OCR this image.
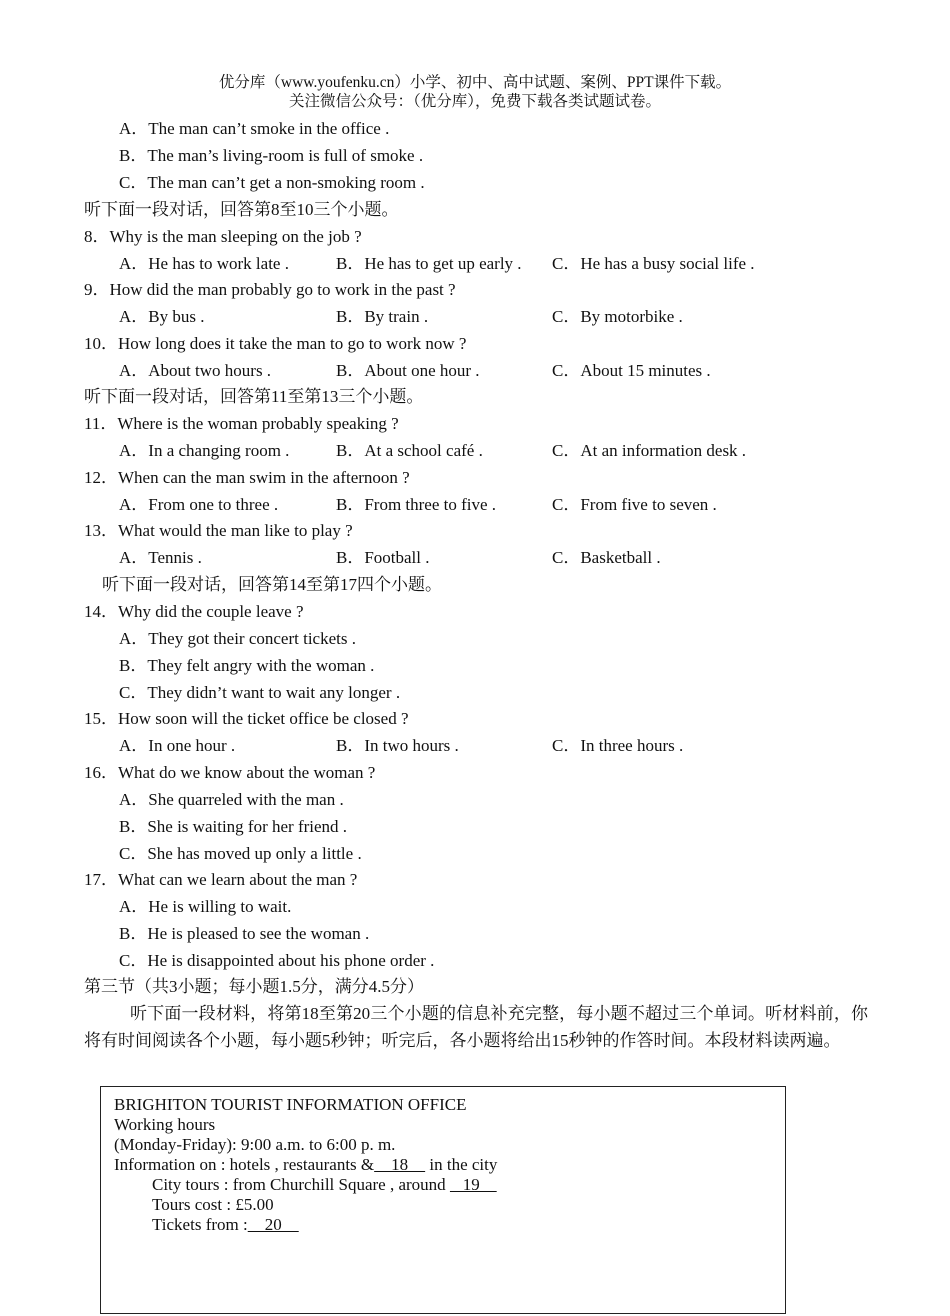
优分库（www.youfenku.cn）小学、初中、高中试题、案例、PPT课件下载。
关注微信公众号：（优分库），免费下载各类试题试卷。
A．The man can’t smoke in the office .
B．The man’s living-room is full of smoke .
C．The man can’t get a non-smoking room .
听下面一段对话，回答第8至10三个小题。
8．Why is the man sleeping on the job ?
A．He has to work late .	B．He has to get up early . C．He has a busy social life .
9．How did the man probably go to work in the past ?
A．By bus .	B．By train .	C．By motorbike .
10．How long does it take the man to go to work now ?
A．About two hours .	B．About one hour .	C．About 15 minutes .
听下面一段对话，回答第11至第13三个小题。
11．Where is the woman probably speaking ?
A．In a changing room .	B．At a school café .	C．At an information desk .
12．When can the man swim in the afternoon ?
A．From one to three .	B．From three to five .	C．From five to seven .
13．What would the man like to play ?
A．Tennis .	B．Football .	C．Basketball .
听下面一段对话，回答第14至第17四个小题。
14．Why did the couple leave ?
A．They got their concert tickets .
B．They felt angry with the woman .
C．They didn’t want to wait any longer .
15．How soon will the ticket office be closed ?
A．In one hour .	B．In two hours .	C．In three hours .
16．What do we know about the woman ?
A．She quarreled with the man .
B．She is waiting for her friend .
C．She has moved up only a little .
17．What can we learn about the man ?
A．He is willing to wait.
B．He is pleased to see the woman .
C．He is disappointed about his phone order .
第三节（共3小题；每小题1.5分，满分4.5分）
听下面一段材料，将第18至第20三个小题的信息补充完整，每小题不超过三个单词。听材料前，你将有时间阅读各个小题，每小题5秒钟；听完后，各小题将给出15秒钟的作答时间。本段材料读两遍。
BRIGHITON TOURIST INFORMATION OFFICE
Working hours
(Monday-Friday): 9:00 a.m. to 6:00 p. m.
Information on : hotels , restaurants &    18     in the city
City tours : from Churchill Square , around    19
Tours cost : £5.00
Tickets from :    20
